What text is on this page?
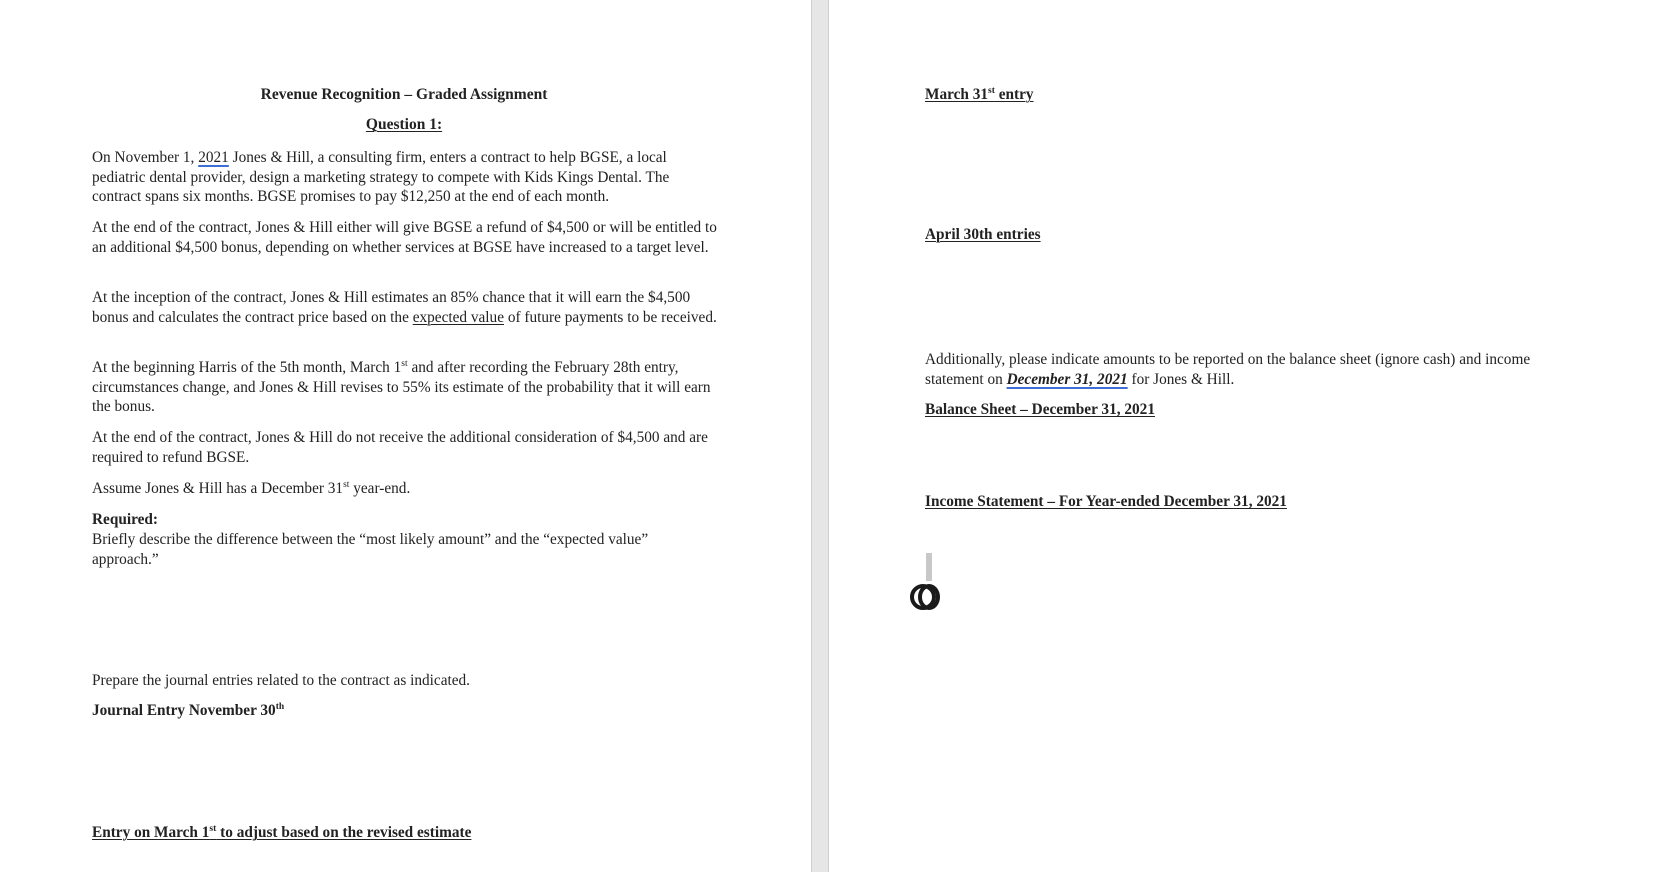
Revenue Recognition – Graded Assignment
Question 1:

On November 1, 2021 Jones & Hill, a consulting firm, enters a contract to help BGSE, a local pediatric dental provider, design a marketing strategy to compete with Kids Kings Dental. The contract spans six months. BGSE promises to pay $12,250 at the end of each month.

At the end of the contract, Jones & Hill either will give BGSE a refund of $4,500 or will be entitled to an additional $4,500 bonus, depending on whether services at BGSE have increased to a target level.

At the inception of the contract, Jones & Hill estimates an 85% chance that it will earn the $4,500 bonus and calculates the contract price based on the expected value of future payments to be received.

At the beginning Harris of the 5th month, March 1st and after recording the February 28th entry, circumstances change, and Jones & Hill revises to 55% its estimate of the probability that it will earn the bonus.

At the end of the contract, Jones & Hill do not receive the additional consideration of $4,500 and are required to refund BGSE.

Assume Jones & Hill has a December 31st year-end.

Required:

Briefly describe the difference between the “most likely amount” and the “expected value” approach.”

Prepare the journal entries related to the contract as indicated.

Journal Entry November 30th

Entry on March 1st to adjust based on the revised estimate

March 31st entry

April 30th entries

Additionally, please indicate amounts to be reported on the balance sheet (ignore cash) and income statement on December 31, 2021 for Jones & Hill.

Balance Sheet – December 31, 2021

Income Statement – For Year-ended December 31, 2021
